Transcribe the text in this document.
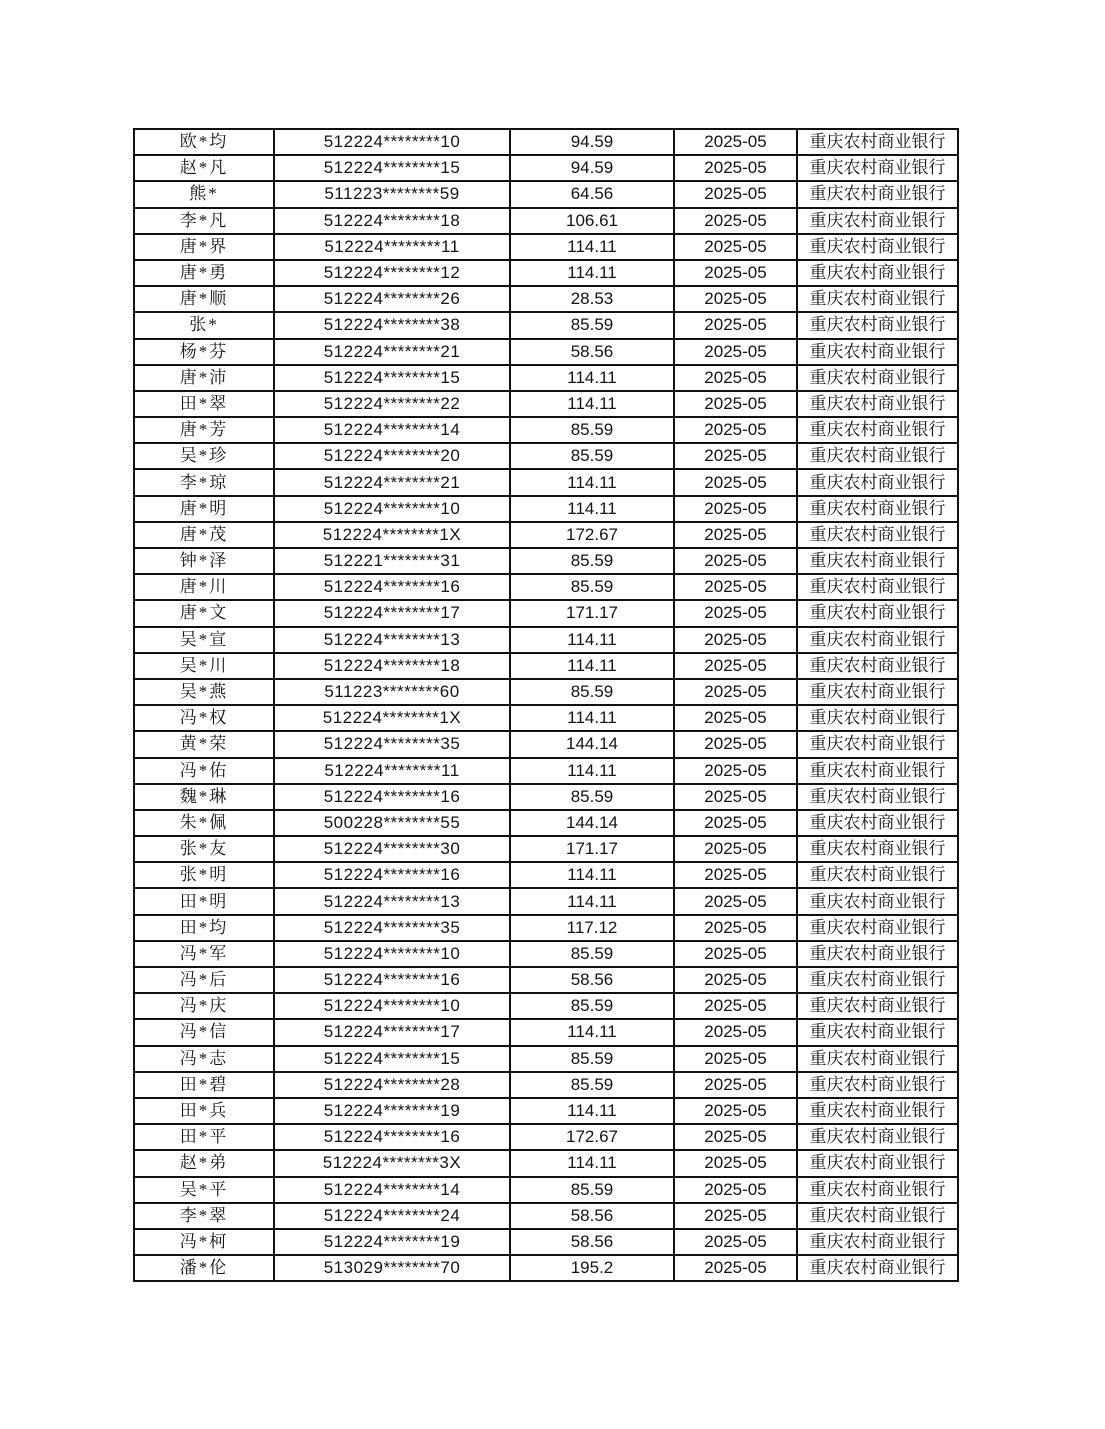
欧*均	512224********10	94.59	2025-05	重庆农村商业银行
赵*凡	512224********15	94.59	2025-05	重庆农村商业银行
熊*	511223********59	64.56	2025-05	重庆农村商业银行
李*凡	512224********18	106.61	2025-05	重庆农村商业银行
唐*界	512224********11	114.11	2025-05	重庆农村商业银行
唐*勇	512224********12	114.11	2025-05	重庆农村商业银行
唐*顺	512224********26	28.53	2025-05	重庆农村商业银行
张*	512224********38	85.59	2025-05	重庆农村商业银行
杨*芬	512224********21	58.56	2025-05	重庆农村商业银行
唐*沛	512224********15	114.11	2025-05	重庆农村商业银行
田*翠	512224********22	114.11	2025-05	重庆农村商业银行
唐*芳	512224********14	85.59	2025-05	重庆农村商业银行
吴*珍	512224********20	85.59	2025-05	重庆农村商业银行
李*琼	512224********21	114.11	2025-05	重庆农村商业银行
唐*明	512224********10	114.11	2025-05	重庆农村商业银行
唐*茂	512224********1X	172.67	2025-05	重庆农村商业银行
钟*泽	512221********31	85.59	2025-05	重庆农村商业银行
唐*川	512224********16	85.59	2025-05	重庆农村商业银行
唐*文	512224********17	171.17	2025-05	重庆农村商业银行
吴*宣	512224********13	114.11	2025-05	重庆农村商业银行
吴*川	512224********18	114.11	2025-05	重庆农村商业银行
吴*燕	511223********60	85.59	2025-05	重庆农村商业银行
冯*权	512224********1X	114.11	2025-05	重庆农村商业银行
黄*荣	512224********35	144.14	2025-05	重庆农村商业银行
冯*佑	512224********11	114.11	2025-05	重庆农村商业银行
魏*琳	512224********16	85.59	2025-05	重庆农村商业银行
朱*佩	500228********55	144.14	2025-05	重庆农村商业银行
张*友	512224********30	171.17	2025-05	重庆农村商业银行
张*明	512224********16	114.11	2025-05	重庆农村商业银行
田*明	512224********13	114.11	2025-05	重庆农村商业银行
田*均	512224********35	117.12	2025-05	重庆农村商业银行
冯*军	512224********10	85.59	2025-05	重庆农村商业银行
冯*后	512224********16	58.56	2025-05	重庆农村商业银行
冯*庆	512224********10	85.59	2025-05	重庆农村商业银行
冯*信	512224********17	114.11	2025-05	重庆农村商业银行
冯*志	512224********15	85.59	2025-05	重庆农村商业银行
田*碧	512224********28	85.59	2025-05	重庆农村商业银行
田*兵	512224********19	114.11	2025-05	重庆农村商业银行
田*平	512224********16	172.67	2025-05	重庆农村商业银行
赵*弟	512224********3X	114.11	2025-05	重庆农村商业银行
吴*平	512224********14	85.59	2025-05	重庆农村商业银行
李*翠	512224********24	58.56	2025-05	重庆农村商业银行
冯*柯	512224********19	58.56	2025-05	重庆农村商业银行
潘*伦	513029********70	195.2	2025-05	重庆农村商业银行
